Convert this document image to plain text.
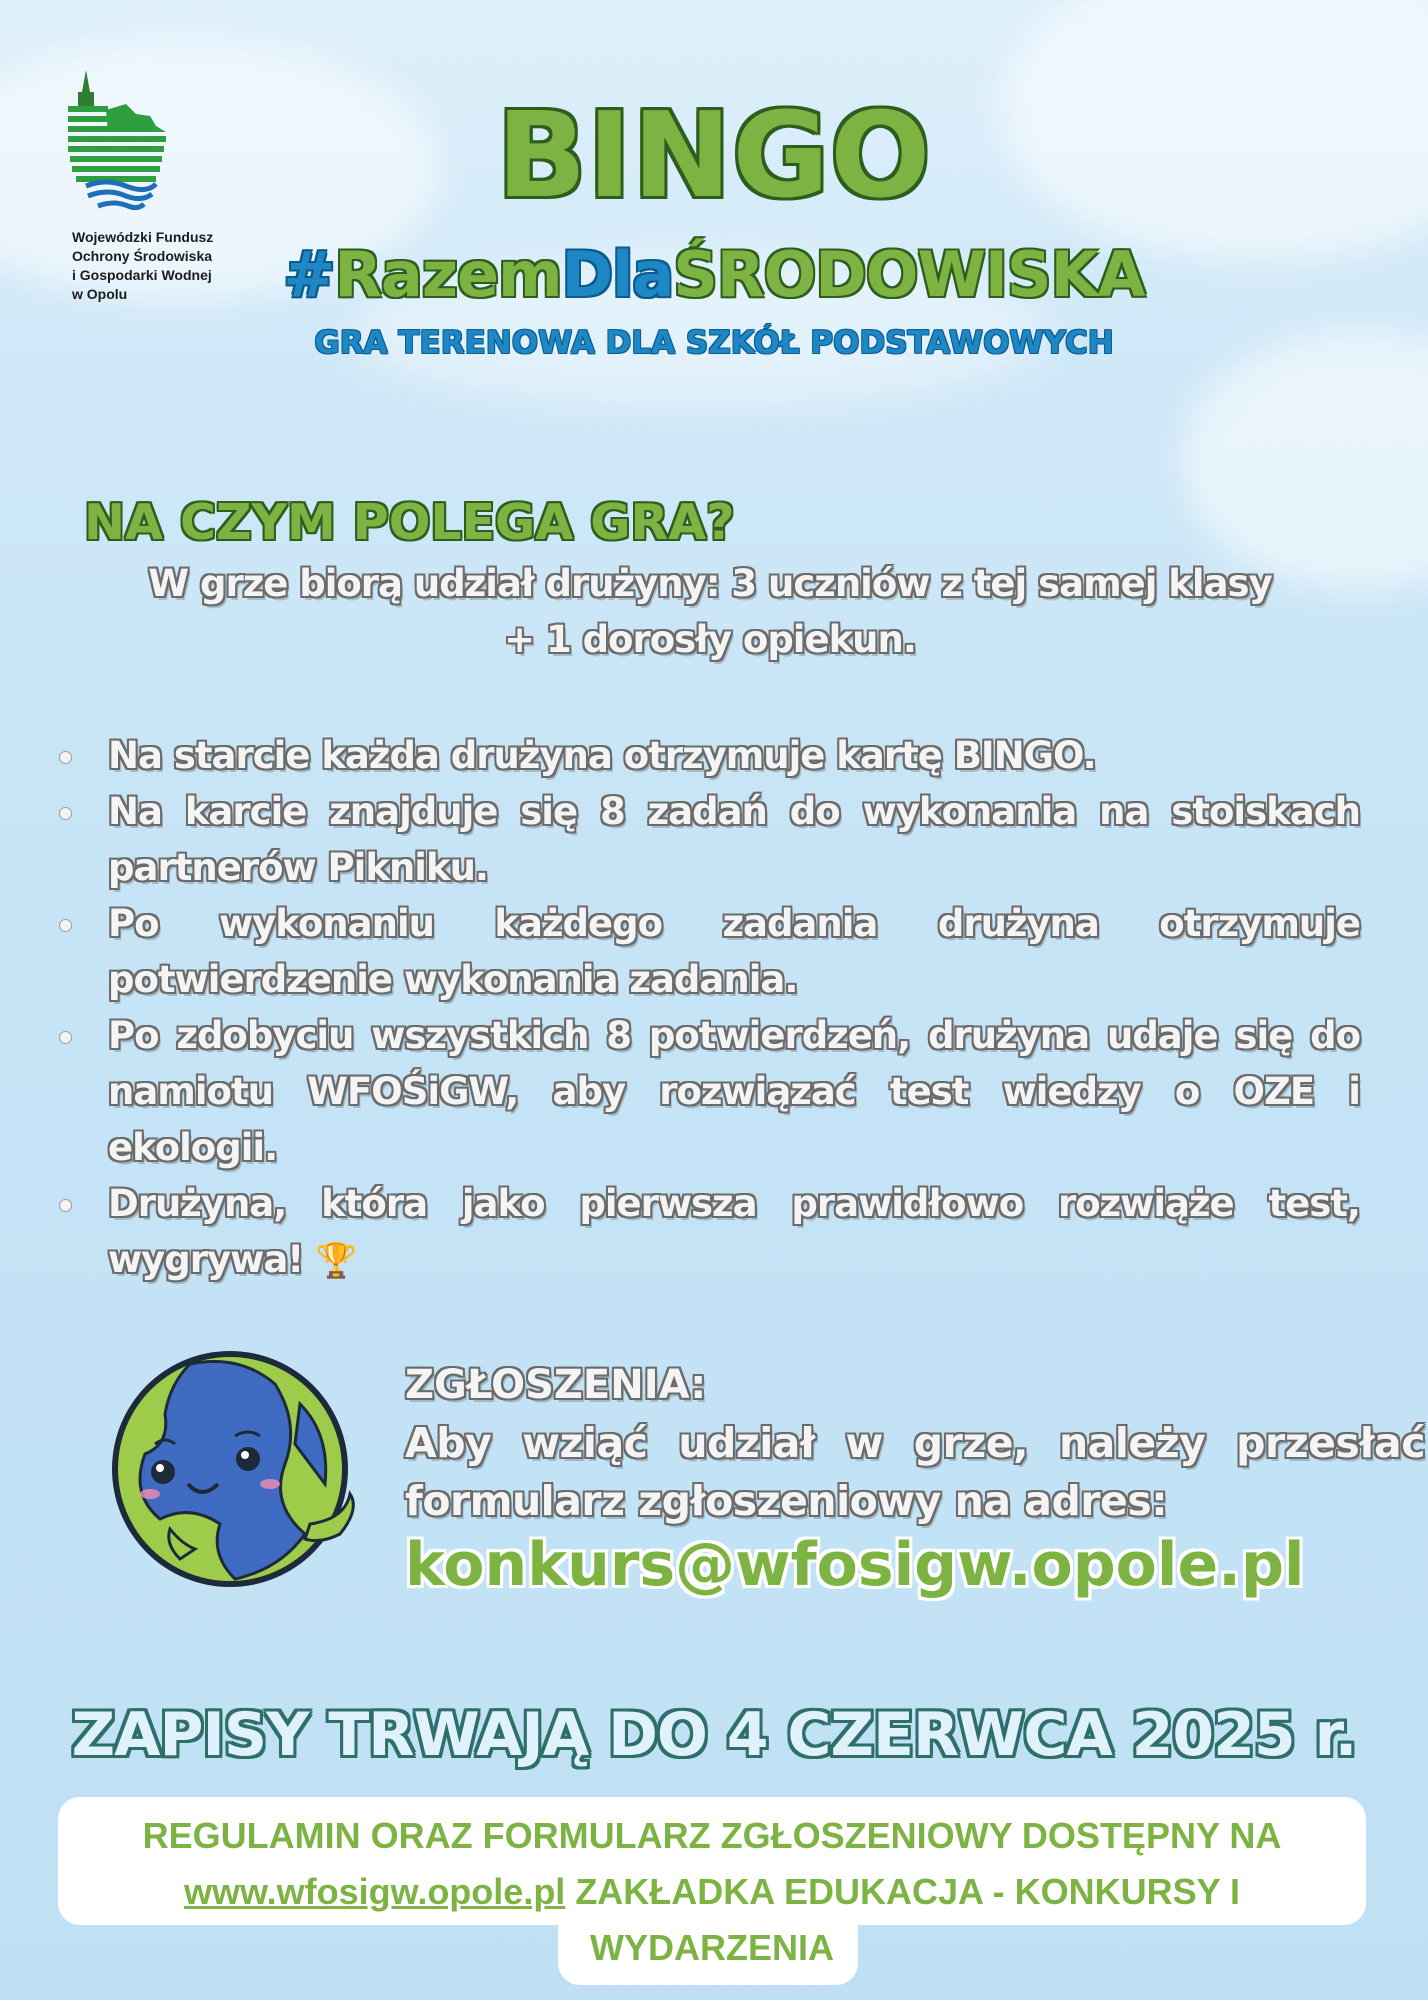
Wojewódzki Fundusz
Ochrony Środowiska
i Gospodarki Wodnej
w Opolu
BINGO
#RazemDlaŚRODOWISKA
GRA TERENOWA DLA SZKÓŁ PODSTAWOWYCH
NA CZYM POLEGA GRA?
W grze biorą udział drużyny: 3 uczniów z tej samej klasy
+ 1 dorosły opiekun.
Na starcie każda drużyna otrzymuje kartę BINGO.
Na karcie znajduje się 8 zadań do wykonania na stoiskach partnerów Pikniku.
Po wykonaniu każdego zadania drużyna otrzymuje potwierdzenie wykonania zadania.
Po zdobyciu wszystkich 8 potwierdzeń, drużyna udaje się do namiotu WFOŚiGW, aby rozwiązać test wiedzy o OZE i ekologii.
Drużyna, która jako pierwsza prawidłowo rozwiąże test, wygrywa! 🏆
ZGŁOSZENIA:
Aby wziąć udział w grze, należy przesłać formularz zgłoszeniowy na adres:
konkurs@wfosigw.opole.pl
ZAPISY TRWAJĄ DO 4 CZERWCA 2025 r.
REGULAMIN ORAZ FORMULARZ ZGŁOSZENIOWY DOSTĘPNY NA
www.wfosigw.opole.pl ZAKŁADKA EDUKACJA - KONKURSY I
WYDARZENIA
